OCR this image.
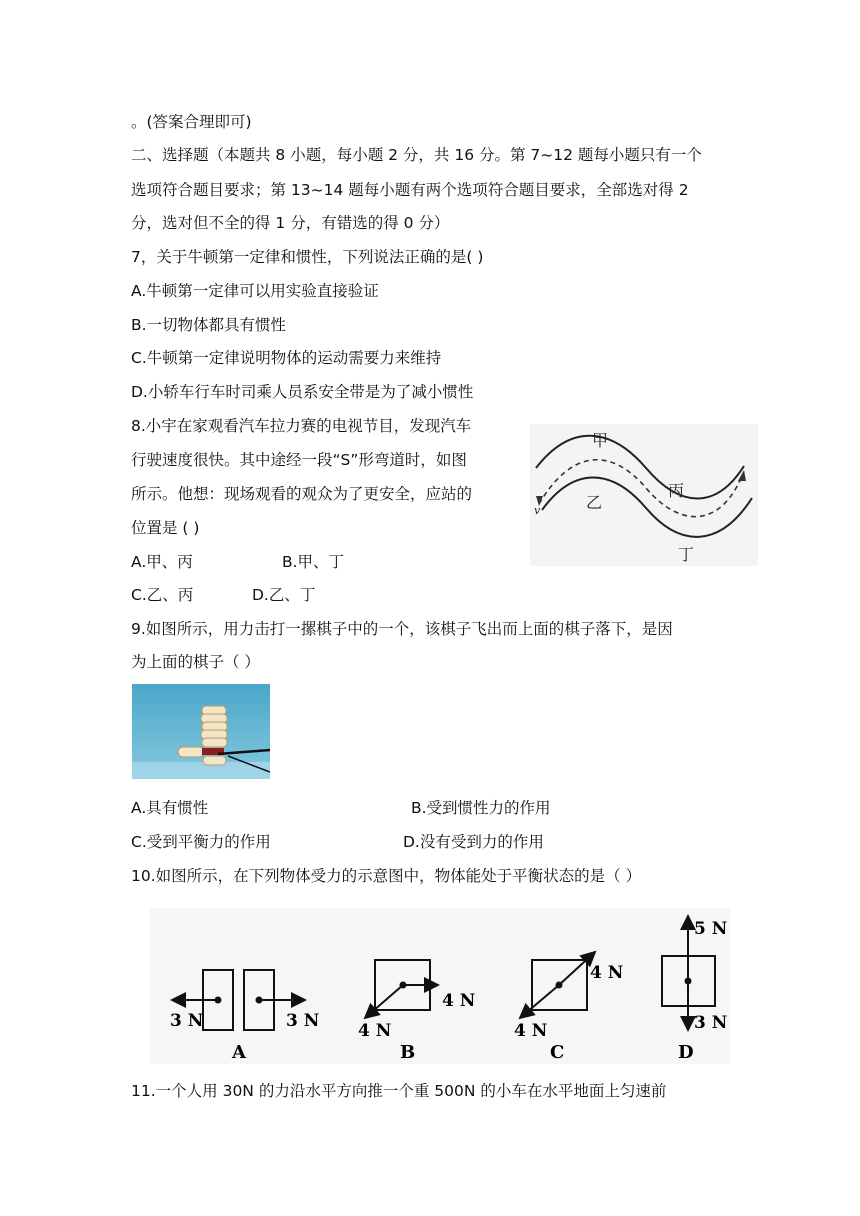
。(答案合理即可)
二、选择题（本题共 8 小题，每小题 2 分，共 16 分。第 7~12 题每小题只有一个
选项符合题目要求；第 13~14 题每小题有两个选项符合题目要求，全部选对得 2
分，选对但不全的得 1 分，有错选的得 0 分）
7，关于牛顿第一定律和惯性，下列说法正确的是( )
A.牛顿第一定律可以用实验直接验证
B.一切物体都具有惯性
C.牛顿第一定律说明物体的运动需要力来维持
D.小轿车行车时司乘人员系安全带是为了减小惯性
8.小宇在家观看汽车拉力赛的电视节目，发现汽车
行驶速度很快。其中途经一段“S”形弯道时，如图
所示。他想：现场观看的观众为了更安全，应站的
位置是 ( )
A.甲、丙	B.甲、丁
C.乙、丙	D.乙、丁
甲
乙
丙
丁
v
9.如图所示，用力击打一摞棋子中的一个，该棋子飞出而上面的棋子落下，是因
为上面的棋子（ ）
A.具有惯性	B.受到惯性力的作用
C.受到平衡力的作用	D.没有受到力的作用
10.如图所示，在下列物体受力的示意图中，物体能处于平衡状态的是（ ）
3 N	3 N
A
4 N
4 N
B
4 N
4 N
C
5 N
3 N
D
11.一个人用 30N 的力沿水平方向推一个重 500N 的小车在水平地面上匀速前
